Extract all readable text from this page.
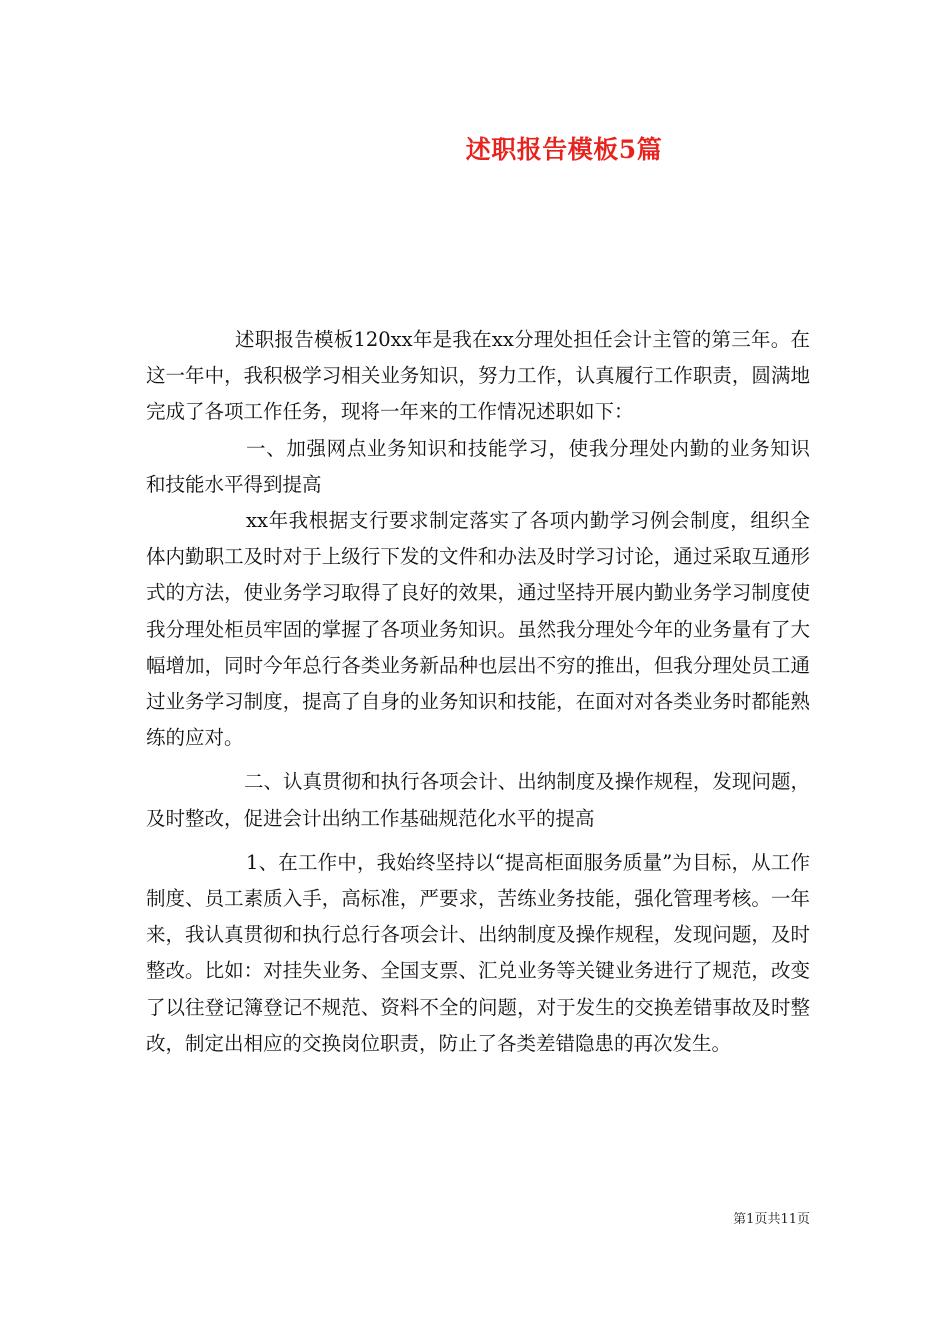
述职报告模板5篇

述职报告模板120xx年是我在xx分理处担任会计主管的第三年。在这一年中，我积极学习相关业务知识，努力工作，认真履行工作职责，圆满地完成了各项工作任务，现将一年来的工作情况述职如下：

一、加强网点业务知识和技能学习，使我分理处内勤的业务知识和技能水平得到提高

xx年我根据支行要求制定落实了各项内勤学习例会制度，组织全体内勤职工及时对于上级行下发的文件和办法及时学习讨论，通过采取互通形式的方法，使业务学习取得了良好的效果，通过坚持开展内勤业务学习制度使我分理处柜员牢固的掌握了各项业务知识。虽然我分理处今年的业务量有了大幅增加，同时今年总行各类业务新品种也层出不穷的推出，但我分理处员工通过业务学习制度，提高了自身的业务知识和技能，在面对对各类业务时都能熟练的应对。

二、认真贯彻和执行各项会计、出纳制度及操作规程，发现问题，及时整改，促进会计出纳工作基础规范化水平的提高

1、在工作中，我始终坚持以“提高柜面服务质量”为目标，从工作制度、员工素质入手，高标准，严要求，苦练业务技能，强化管理考核。一年来，我认真贯彻和执行总行各项会计、出纳制度及操作规程，发现问题，及时整改。比如：对挂失业务、全国支票、汇兑业务等关键业务进行了规范，改变了以往登记簿登记不规范、资料不全的问题，对于发生的交换差错事故及时整改，制定出相应的交换岗位职责，防止了各类差错隐患的再次发生。

第1页共11页
